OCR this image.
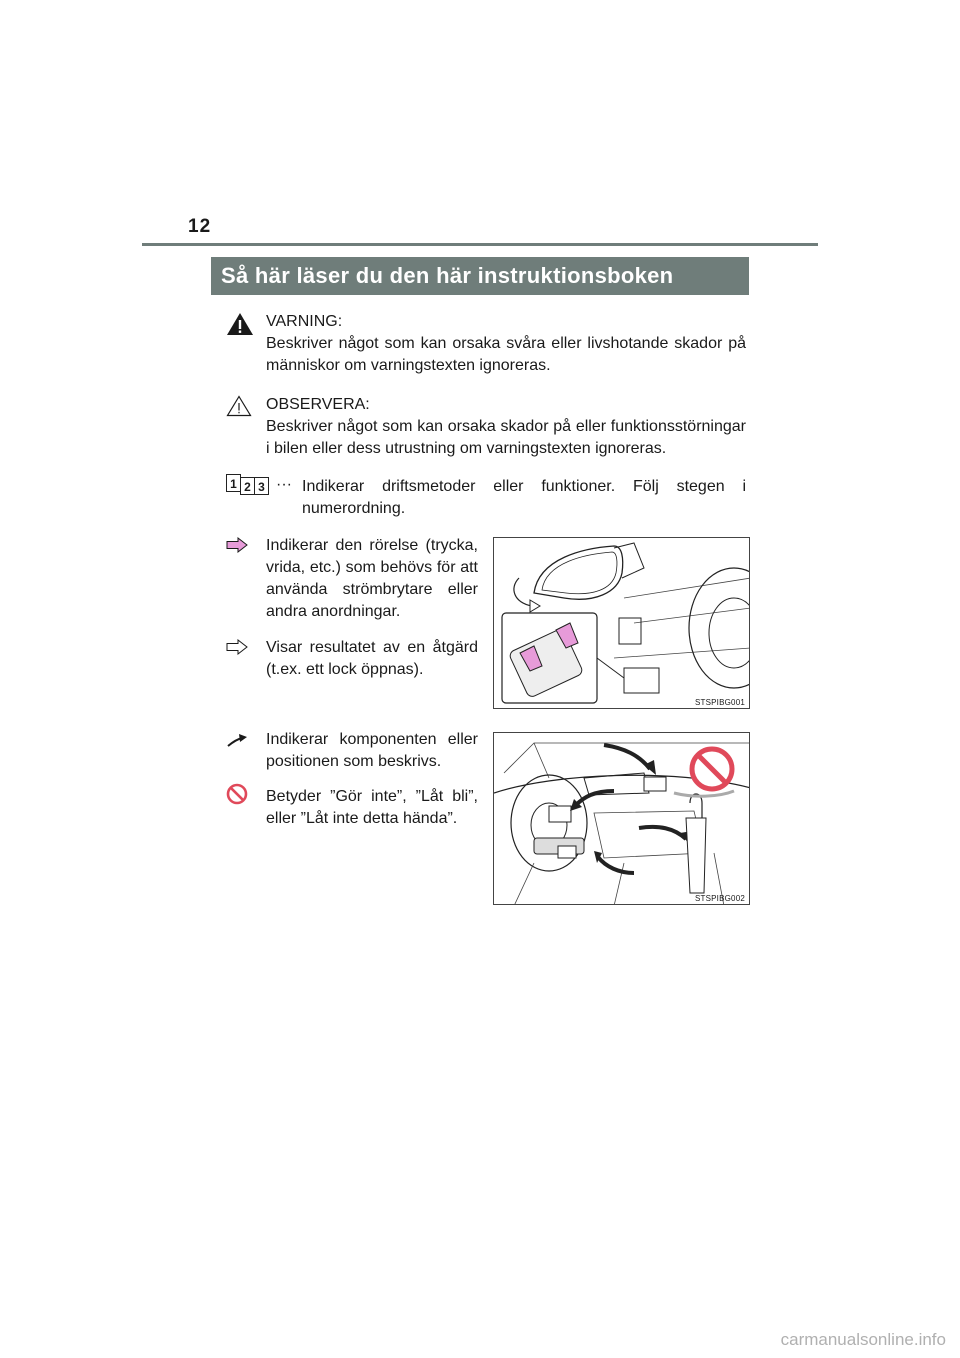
12
Så här läser du den här instruktionsboken
VARNING:
Beskriver något som kan orsaka svåra eller livshotande skador på människor om varningstexten ignoreras.
OBSERVERA:
Beskriver något som kan orsaka skador på eller funktionsstörningar i bilen eller dess utrustning om varningstexten ignoreras.
1 2 3 ··· Indikerar driftsmetoder eller funktioner. Följ stegen i numerordning.
Indikerar den rörelse (trycka, vrida, etc.) som behövs för att använda strömbrytare eller andra anordningar.
Visar resultatet av en åtgärd (t.ex. ett lock öppnas).
STSPIBG001
Indikerar komponenten eller positionen som beskrivs.
Betyder ”Gör inte”, ”Låt bli”, eller ”Låt inte detta hända”.
STSPIBG002
carmanualsonline.info
